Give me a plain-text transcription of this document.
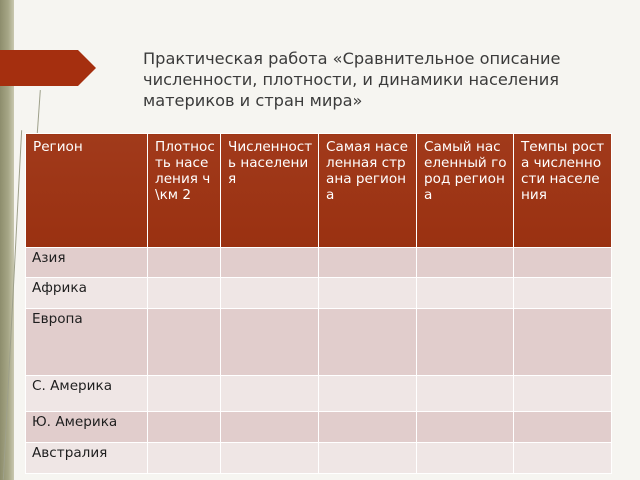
Практическая работа «Сравнительное описание численности, плотности, и динамики населения материков и стран мира»
Регион	Плотность населения ч\км 2	Численность населения	Самая населенная страна региона	Самый населенный город региона	Темпы роста численности населения
Азия					
Африка					
Европа					
С. Америка					
Ю. Америка					
Австралия					
